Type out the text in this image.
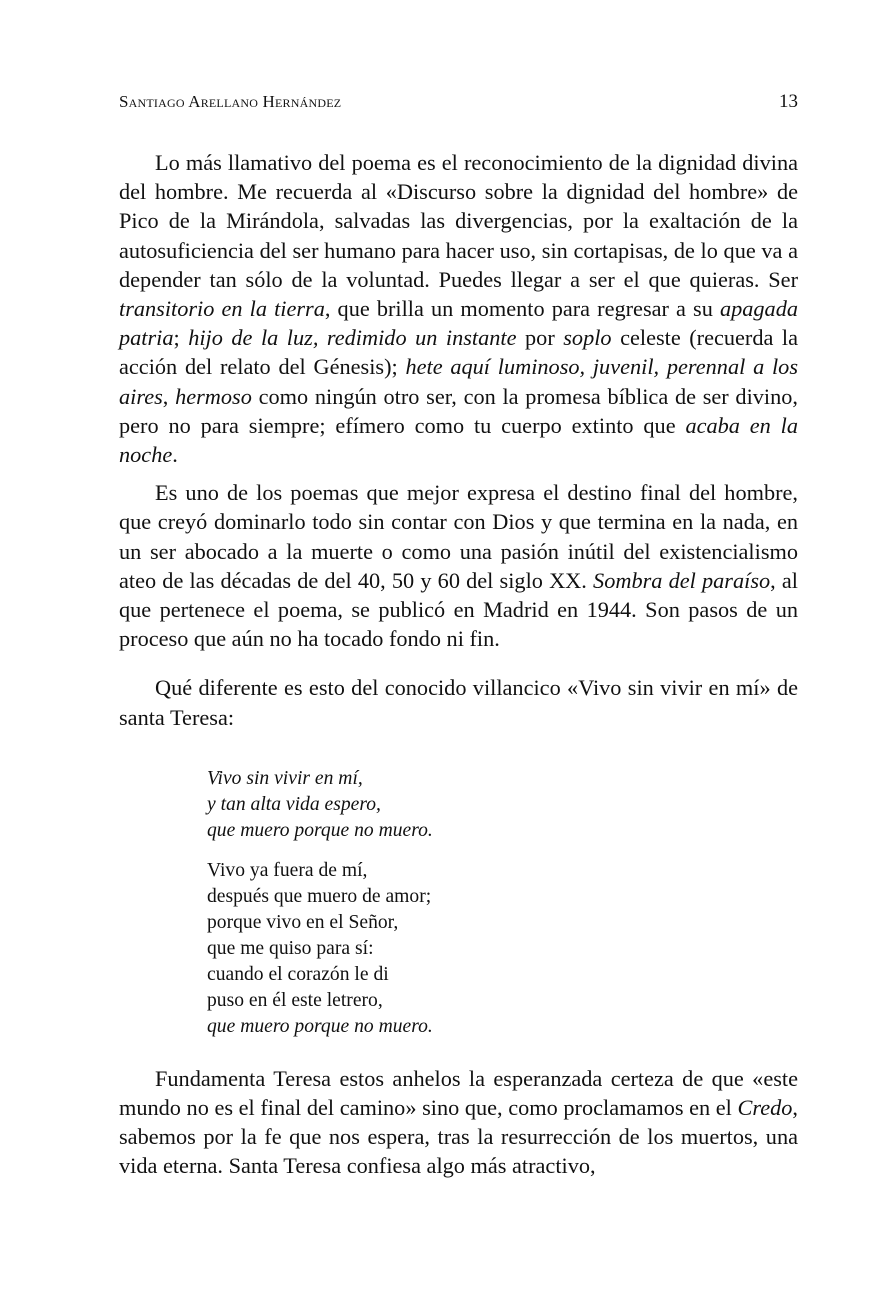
Santiago Arellano Hernández	13

Lo más llamativo del poema es el reconocimiento de la dignidad divina del hombre. Me recuerda al «Discurso sobre la dignidad del hombre» de Pico de la Mirándola, salvadas las divergencias, por la exaltación de la autosuficiencia del ser humano para hacer uso, sin cortapisas, de lo que va a depender tan sólo de la voluntad. Puedes llegar a ser el que quieras. Ser transitorio en la tierra, que brilla un momento para regresar a su apagada patria; hijo de la luz, redimido un instante por soplo celeste (recuerda la acción del relato del Génesis); hete aquí luminoso, juvenil, perennal a los aires, hermoso como ningún otro ser, con la promesa bíblica de ser divino, pero no para siempre; efímero como tu cuerpo extinto que acaba en la noche.

Es uno de los poemas que mejor expresa el destino final del hombre, que creyó dominarlo todo sin contar con Dios y que termina en la nada, en un ser abocado a la muerte o como una pasión inútil del existencialismo ateo de las décadas de del 40, 50 y 60 del siglo XX. Sombra del paraíso, al que pertenece el poema, se publicó en Madrid en 1944. Son pasos de un proceso que aún no ha tocado fondo ni fin.

Qué diferente es esto del conocido villancico «Vivo sin vivir en mí» de santa Teresa:

Vivo sin vivir en mí,
y tan alta vida espero,
que muero porque no muero.
Vivo ya fuera de mí,
después que muero de amor;
porque vivo en el Señor,
que me quiso para sí:
cuando el corazón le di
puso en él este letrero,
que muero porque no muero.

Fundamenta Teresa estos anhelos la esperanzada certeza de que «este mundo no es el final del camino» sino que, como proclamamos en el Credo, sabemos por la fe que nos espera, tras la resurrección de los muertos, una vida eterna. Santa Teresa confiesa algo más atractivo,
